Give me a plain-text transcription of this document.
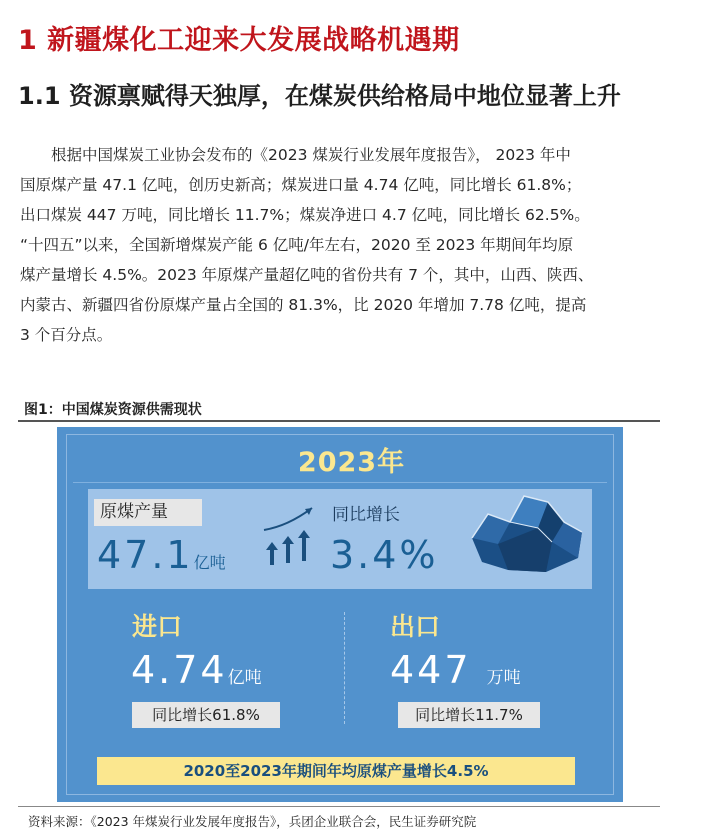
1 新疆煤化工迎来大发展战略机遇期
1.1 资源禀赋得天独厚，在煤炭供给格局中地位显著上升
根据中国煤炭工业协会发布的《2023 煤炭行业发展年度报告》， 2023 年中
国原煤产量 47.1 亿吨，创历史新高；煤炭进口量 4.74 亿吨，同比增长 61.8%；
出口煤炭 447 万吨，同比增长 11.7%；煤炭净进口 4.7 亿吨，同比增长 62.5%。
“十四五”以来，全国新增煤炭产能 6 亿吨/年左右，2020 至 2023 年期间年均原
煤产量增长 4.5%。2023 年原煤产量超亿吨的省份共有 7 个，其中，山西、陕西、
内蒙古、新疆四省份原煤产量占全国的 81.3%，比 2020 年增加 7.78 亿吨，提高
3 个百分点。
图1：中国煤炭资源供需现状
2023年
原煤产量
47.1亿吨
同比增长
3.4%
进口
4.74亿吨
同比增长61.8%
出口
447 万吨
同比增长11.7%
2020至2023年期间年均原煤产量增长4.5%
资料来源：《2023 年煤炭行业发展年度报告》，兵团企业联合会，民生证券研究院
